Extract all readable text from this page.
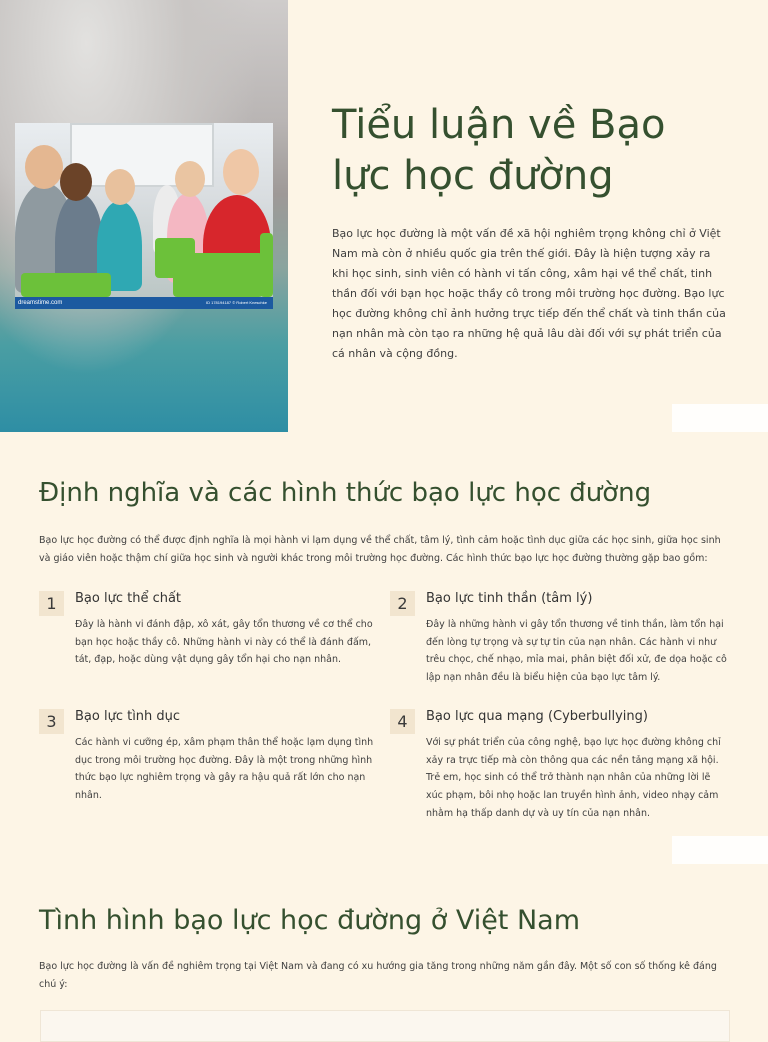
dreamstime.com	ID 178194187 © Robert Kneschke
Tiểu luận về Bạo lực học đường

Bạo lực học đường là một vấn đề xã hội nghiêm trọng không chỉ ở Việt Nam mà còn ở nhiều quốc gia trên thế giới. Đây là hiện tượng xảy ra khi học sinh, sinh viên có hành vi tấn công, xâm hại về thể chất, tinh thần đối với bạn học hoặc thầy cô trong môi trường học đường. Bạo lực học đường không chỉ ảnh hưởng trực tiếp đến thể chất và tinh thần của nạn nhân mà còn tạo ra những hệ quả lâu dài đối với sự phát triển của cá nhân và cộng đồng.

Định nghĩa và các hình thức bạo lực học đường

Bạo lực học đường có thể được định nghĩa là mọi hành vi lạm dụng về thể chất, tâm lý, tình cảm hoặc tình dục giữa các học sinh, giữa học sinh và giáo viên hoặc thậm chí giữa học sinh và người khác trong môi trường học đường. Các hình thức bạo lực học đường thường gặp bao gồm:

1	Bạo lực thể chất

Đây là hành vi đánh đập, xô xát, gây tổn thương về cơ thể cho bạn học hoặc thầy cô. Những hành vi này có thể là đánh đấm, tát, đạp, hoặc dùng vật dụng gây tổn hại cho nạn nhân.

2	Bạo lực tinh thần (tâm lý)

Đây là những hành vi gây tổn thương về tinh thần, làm tổn hại đến lòng tự trọng và sự tự tin của nạn nhân. Các hành vi như trêu chọc, chế nhạo, mỉa mai, phân biệt đối xử, đe dọa hoặc cô lập nạn nhân đều là biểu hiện của bạo lực tâm lý.

3	Bạo lực tình dục

Các hành vi cưỡng ép, xâm phạm thân thể hoặc lạm dụng tình dục trong môi trường học đường. Đây là một trong những hình thức bạo lực nghiêm trọng và gây ra hậu quả rất lớn cho nạn nhân.

4	Bạo lực qua mạng (Cyberbullying)

Với sự phát triển của công nghệ, bạo lực học đường không chỉ xảy ra trực tiếp mà còn thông qua các nền tảng mạng xã hội. Trẻ em, học sinh có thể trở thành nạn nhân của những lời lẽ xúc phạm, bôi nhọ hoặc lan truyền hình ảnh, video nhạy cảm nhằm hạ thấp danh dự và uy tín của nạn nhân.

Tình hình bạo lực học đường ở Việt Nam

Bạo lực học đường là vấn đề nghiêm trọng tại Việt Nam và đang có xu hướng gia tăng trong những năm gần đây. Một số con số thống kê đáng chú ý:
